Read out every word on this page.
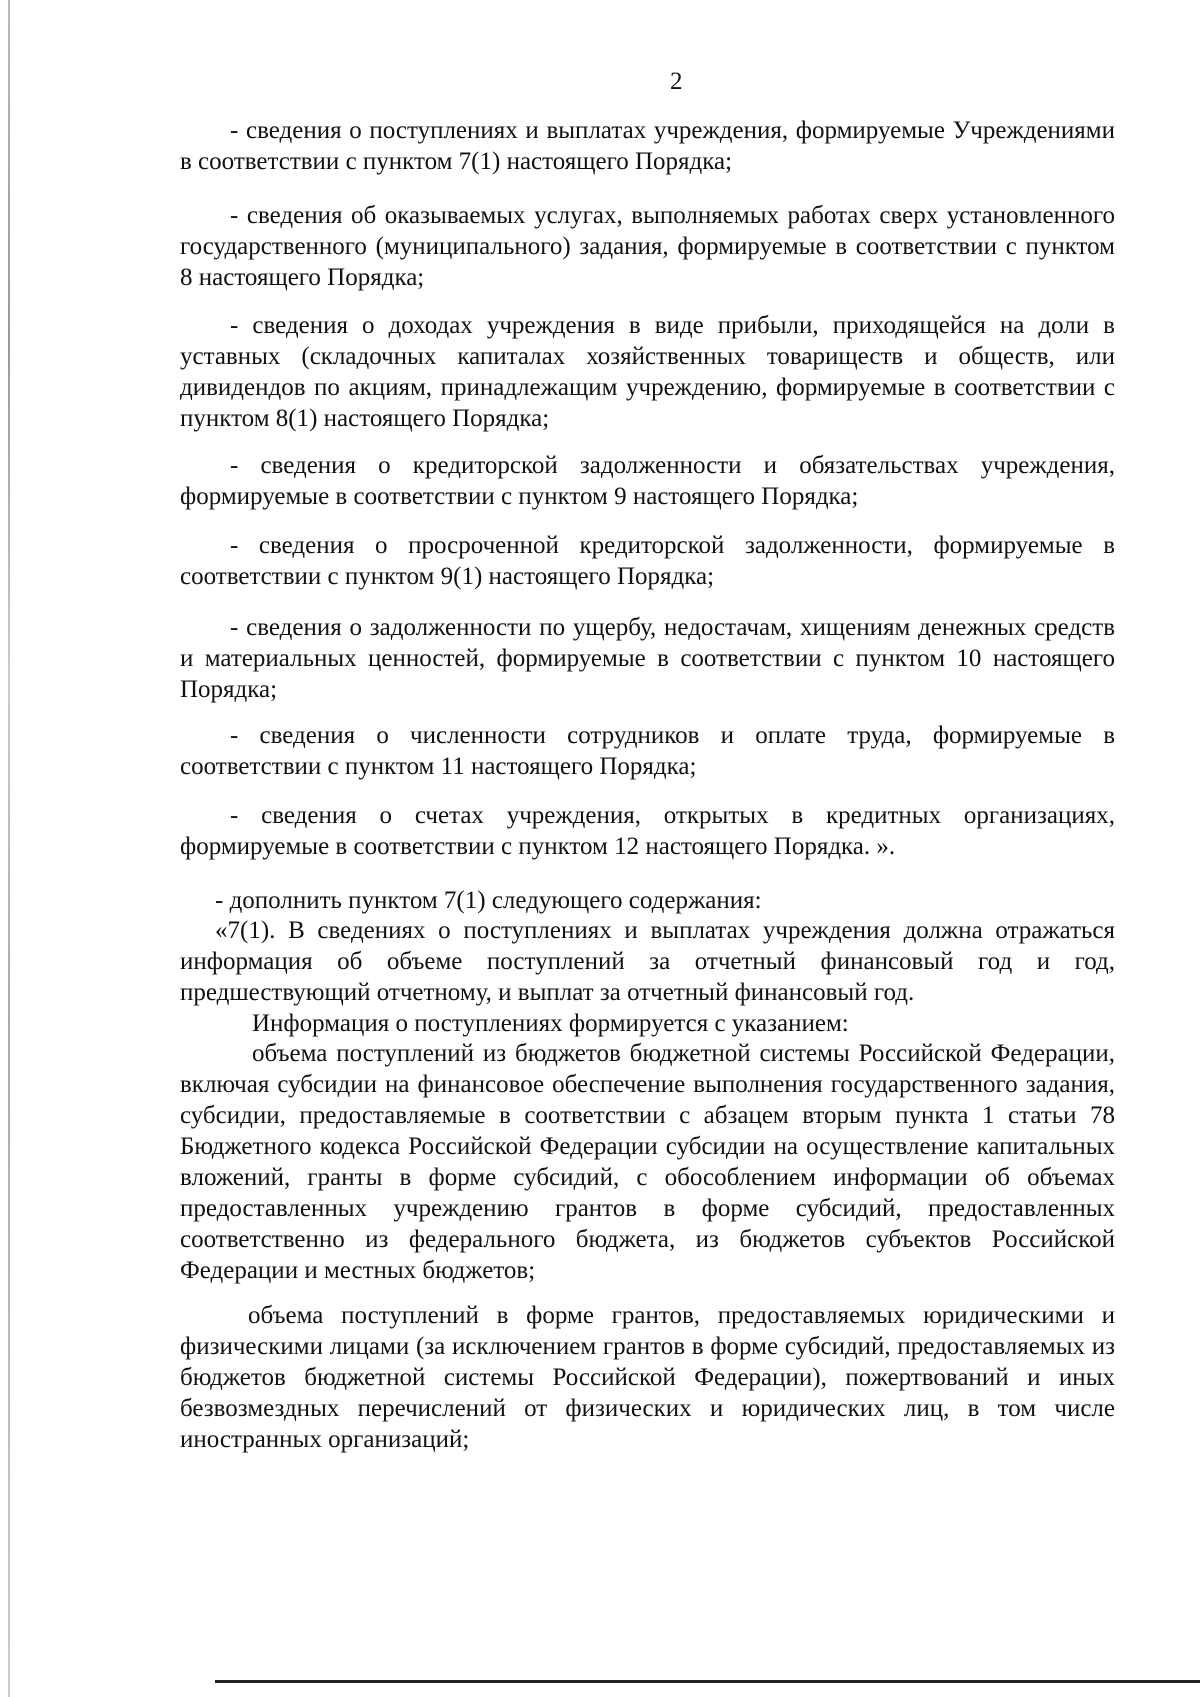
2

- сведения о поступлениях и выплатах учреждения, формируемые Учреждениями в соответствии с пунктом 7(1) настоящего Порядка;

- сведения об оказываемых услугах, выполняемых работах сверх установленного государственного (муниципального) задания, формируемые в соответствии с пунктом 8 настоящего Порядка;

- сведения о доходах учреждения в виде прибыли, приходящейся на доли в уставных (складочных капиталах хозяйственных товариществ и обществ, или дивидендов по акциям, принадлежащим учреждению, формируемые в соответствии с пунктом 8(1) настоящего Порядка;

- сведения о кредиторской задолженности и обязательствах учреждения, формируемые в соответствии с пунктом 9 настоящего Порядка;

- сведения о просроченной кредиторской задолженности, формируемые в соответствии с пунктом 9(1) настоящего Порядка;

- сведения о задолженности по ущербу, недостачам, хищениям денежных средств и материальных ценностей, формируемые в соответствии с пунктом 10 настоящего Порядка;

- сведения о численности сотрудников и оплате труда, формируемые в соответствии с пунктом 11 настоящего Порядка;

- сведения о счетах учреждения, открытых в кредитных организациях, формируемые в соответствии с пунктом 12 настоящего Порядка. ».

- дополнить пунктом 7(1) следующего содержания:

«7(1). В сведениях о поступлениях и выплатах учреждения должна отражаться информация об объеме поступлений за отчетный финансовый год и год, предшествующий отчетному, и выплат за отчетный финансовый год.

Информация о поступлениях формируется с указанием:

объема поступлений из бюджетов бюджетной системы Российской Федерации, включая субсидии на финансовое обеспечение выполнения государственного задания, субсидии, предоставляемые в соответствии с абзацем вторым пункта 1 статьи 78 Бюджетного кодекса Российской Федерации субсидии на осуществление капитальных вложений, гранты в форме субсидий, с обособлением информации об объемах предоставленных учреждению грантов в форме субсидий, предоставленных соответственно из федерального бюджета, из бюджетов субъектов Российской Федерации и местных бюджетов;

объема поступлений в форме грантов, предоставляемых юридическими и физическими лицами (за исключением грантов в форме субсидий, предоставляемых из бюджетов бюджетной системы Российской Федерации), пожертвований и иных безвозмездных перечислений от физических и юридических лиц, в том числе иностранных организаций;
